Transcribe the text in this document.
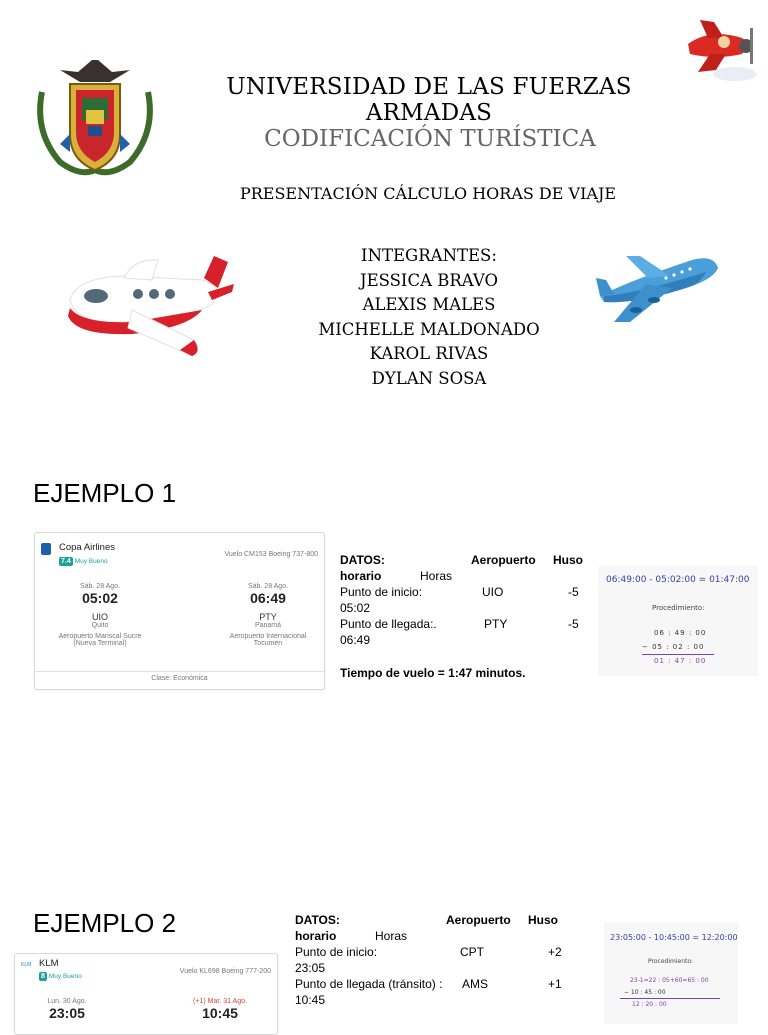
UNIVERSIDAD DE LAS FUERZAS ARMADAS
CODIFICACIÓN TURÍSTICA
PRESENTACIÓN CÁLCULO HORAS DE VIAJE
INTEGRANTES:
JESSICA BRAVO
ALEXIS MALES
MICHELLE MALDONADO
KAROL RIVAS
DYLAN SOSA
EJEMPLO 1
Copa Airlines
7.4 Muy Bueno
Vuelo CM153 Boeing 737-800
Sáb. 28 Ago.
05:02
UIO
Quito
Aeropuerto Mariscal Sucre
(Nueva Terminal)
Sáb. 28 Ago.
06:49
PTY
Panamá
Aeropuerto Internacional
Tocumen
Clase: Económica
DATOS:	Aeropuerto Huso
horario	Horas
Punto de inicio:	UIO	-5
05:02
Punto de llegada:.	PTY	-5
06:49
Tiempo de vuelo = 1:47 minutos.
06:49:00 - 05:02:00 = 01:47:00
Procedimiento:
06 : 49 : 00
− 05 : 02 : 00
01 : 47 : 00
EJEMPLO 2
KLM KLM
8 Muy Bueno
Vuelo KL698 Boeing 777-200
Lun. 30 Ago.
23:05
(+1) Mar. 31 Ago.
10:45
DATOS:	Aeropuerto Huso
horario	Horas
Punto de inicio:	CPT	+2
23:05
Punto de llegada (tránsito) : AMS	+1
10:45
23:05:00 - 10:45:00 = 12:20:00
Procedimiento:
23-1=22 : 05+60=65 : 00
− 10 : 45 : 00
12 : 20 : 00
